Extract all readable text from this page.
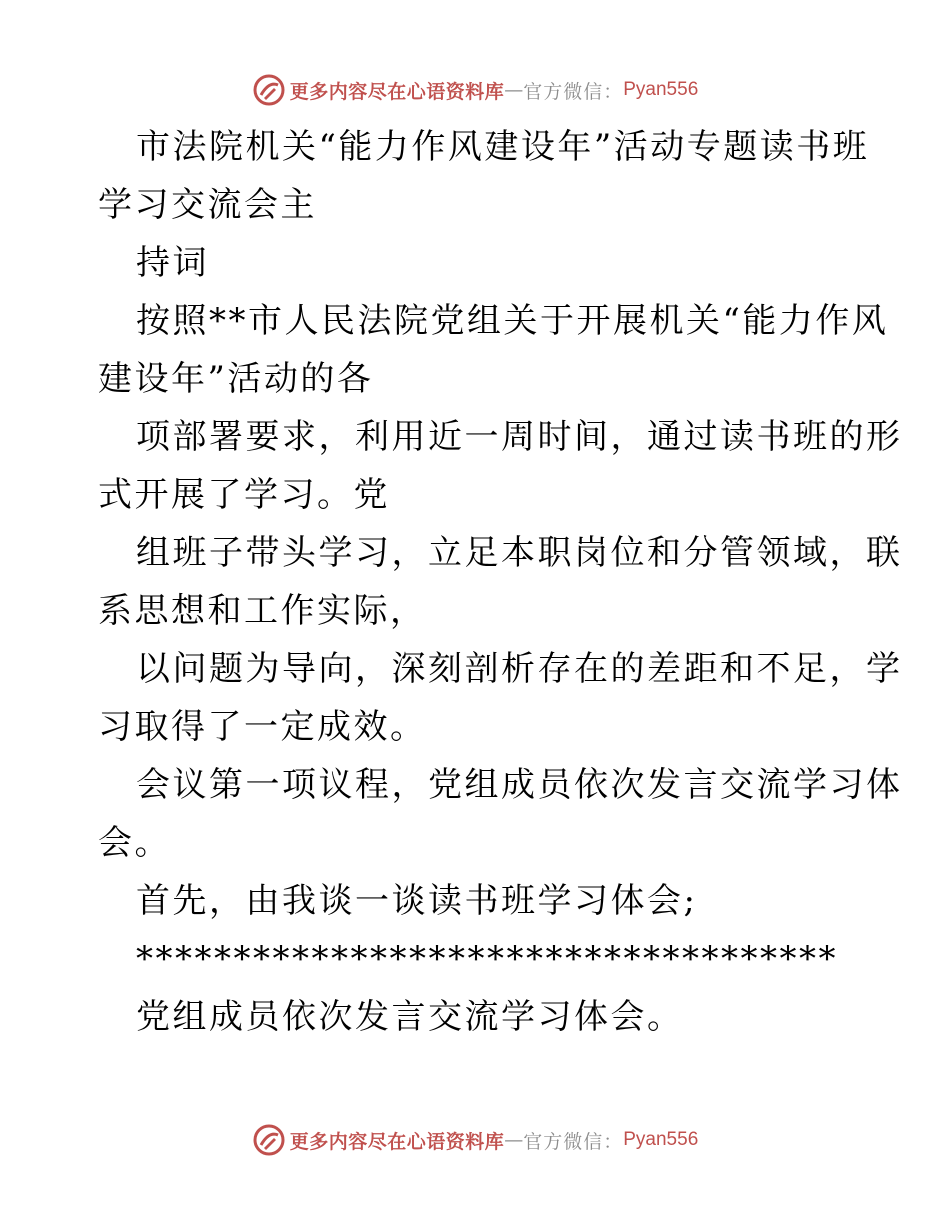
更多内容尽在心语资料库 — 官方微信： Pyan556
市法院机关“能力作风建设年”活动专题读书班
学习交流会主
持词
按照**市人民法院党组关于开展机关“能力作风
建设年”活动的各
项部署要求，利用近一周时间，通过读书班的形
式开展了学习。党
组班子带头学习，立足本职岗位和分管领域，联
系思想和工作实际，
以问题为导向，深刻剖析存在的差距和不足，学
习取得了一定成效。
会议第一项议程，党组成员依次发言交流学习体
会。
首先，由我谈一谈读书班学习体会;
************************************
党组成员依次发言交流学习体会。
更多内容尽在心语资料库 — 官方微信： Pyan556
